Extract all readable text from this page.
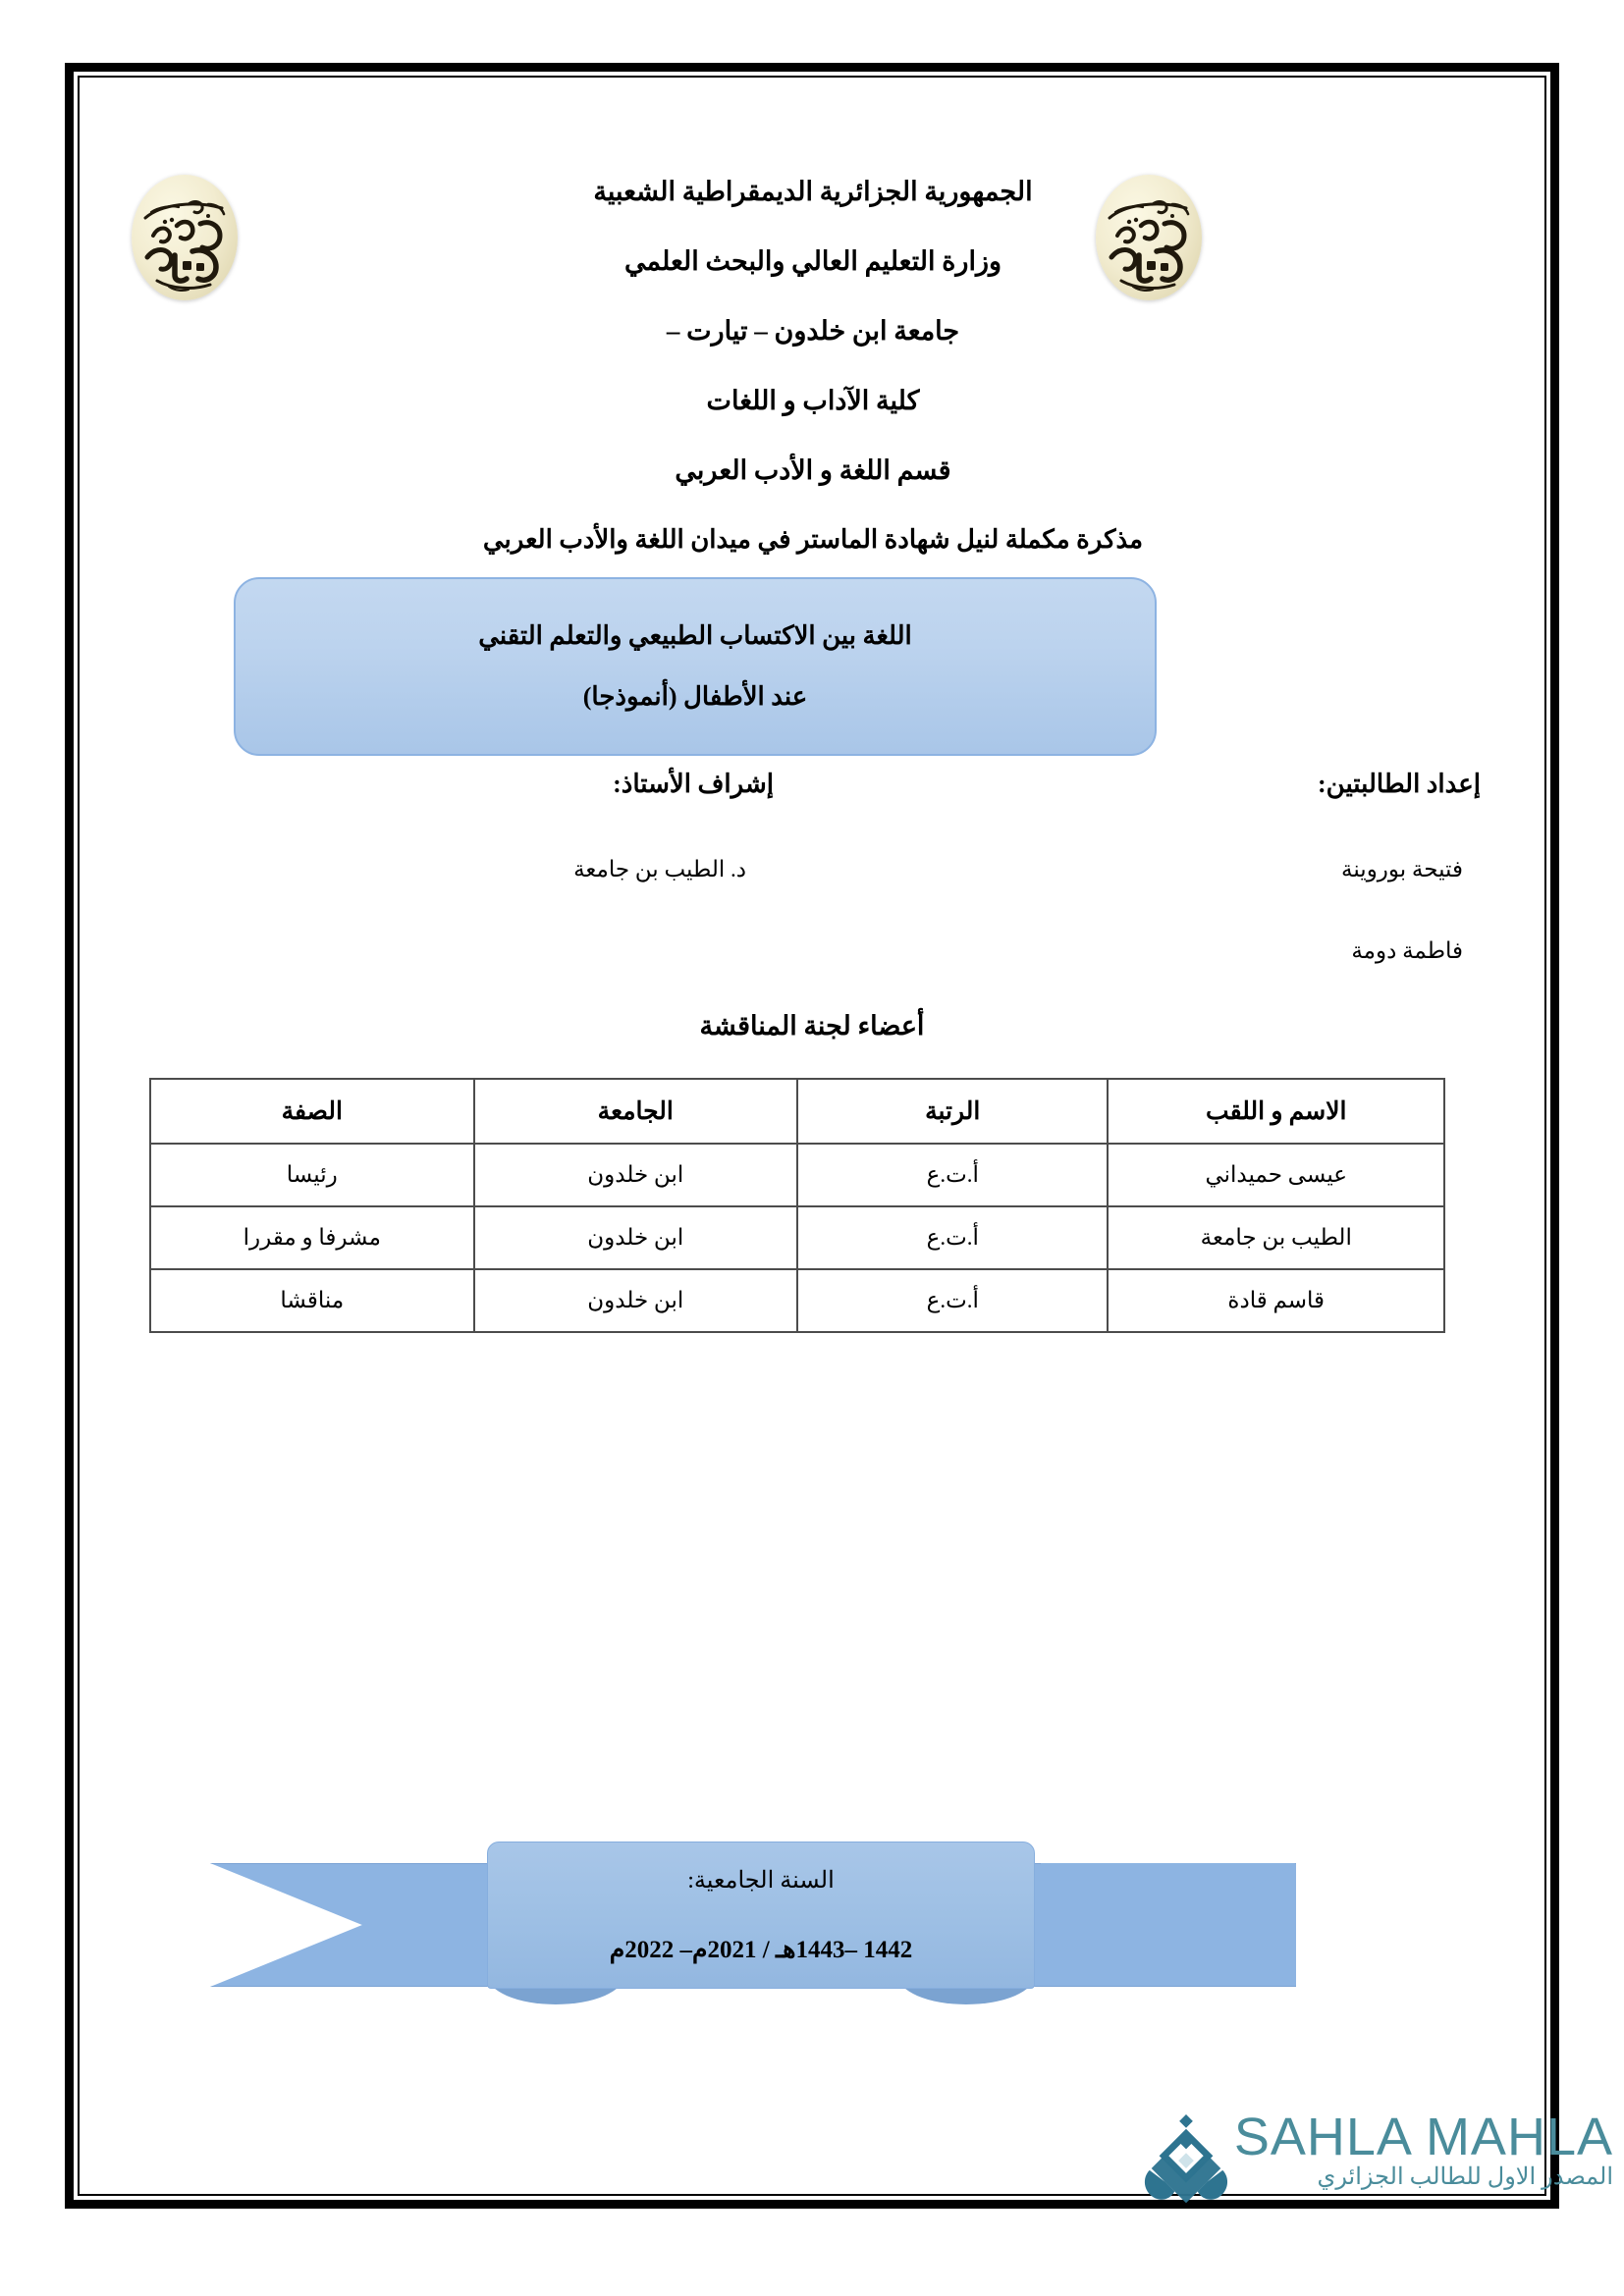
الجمهورية الجزائرية الديمقراطية الشعبية
وزارة التعليم العالي والبحث العلمي
جامعة ابن خلدون – تيارت –
كلية الآداب و اللغات
قسم اللغة و الأدب العربي
مذكرة مكملة لنيل شهادة الماستر في ميدان اللغة والأدب العربي
اللغة بين الاكتساب الطبيعي والتعلم التقني
عند الأطفال (أنموذجا)
إعداد الطالبتين:
فتيحة بوروينة
فاطمة دومة
إشراف الأستاذ:
د. الطيب بن جامعة
أعضاء لجنة المناقشة
الاسم و اللقب	الرتبة	الجامعة	الصفة
عيسى حميداني	أ.ت.ع	ابن خلدون	رئيسا
الطيب بن جامعة	أ.ت.ع	ابن خلدون	مشرفا و مقررا
قاسم قادة	أ.ت.ع	ابن خلدون	مناقشا
السنة الجامعية:
1442 –1443هـ / 2021م– 2022م
SAHLA MAHLA
المصدر الاول للطالب الجزائري
